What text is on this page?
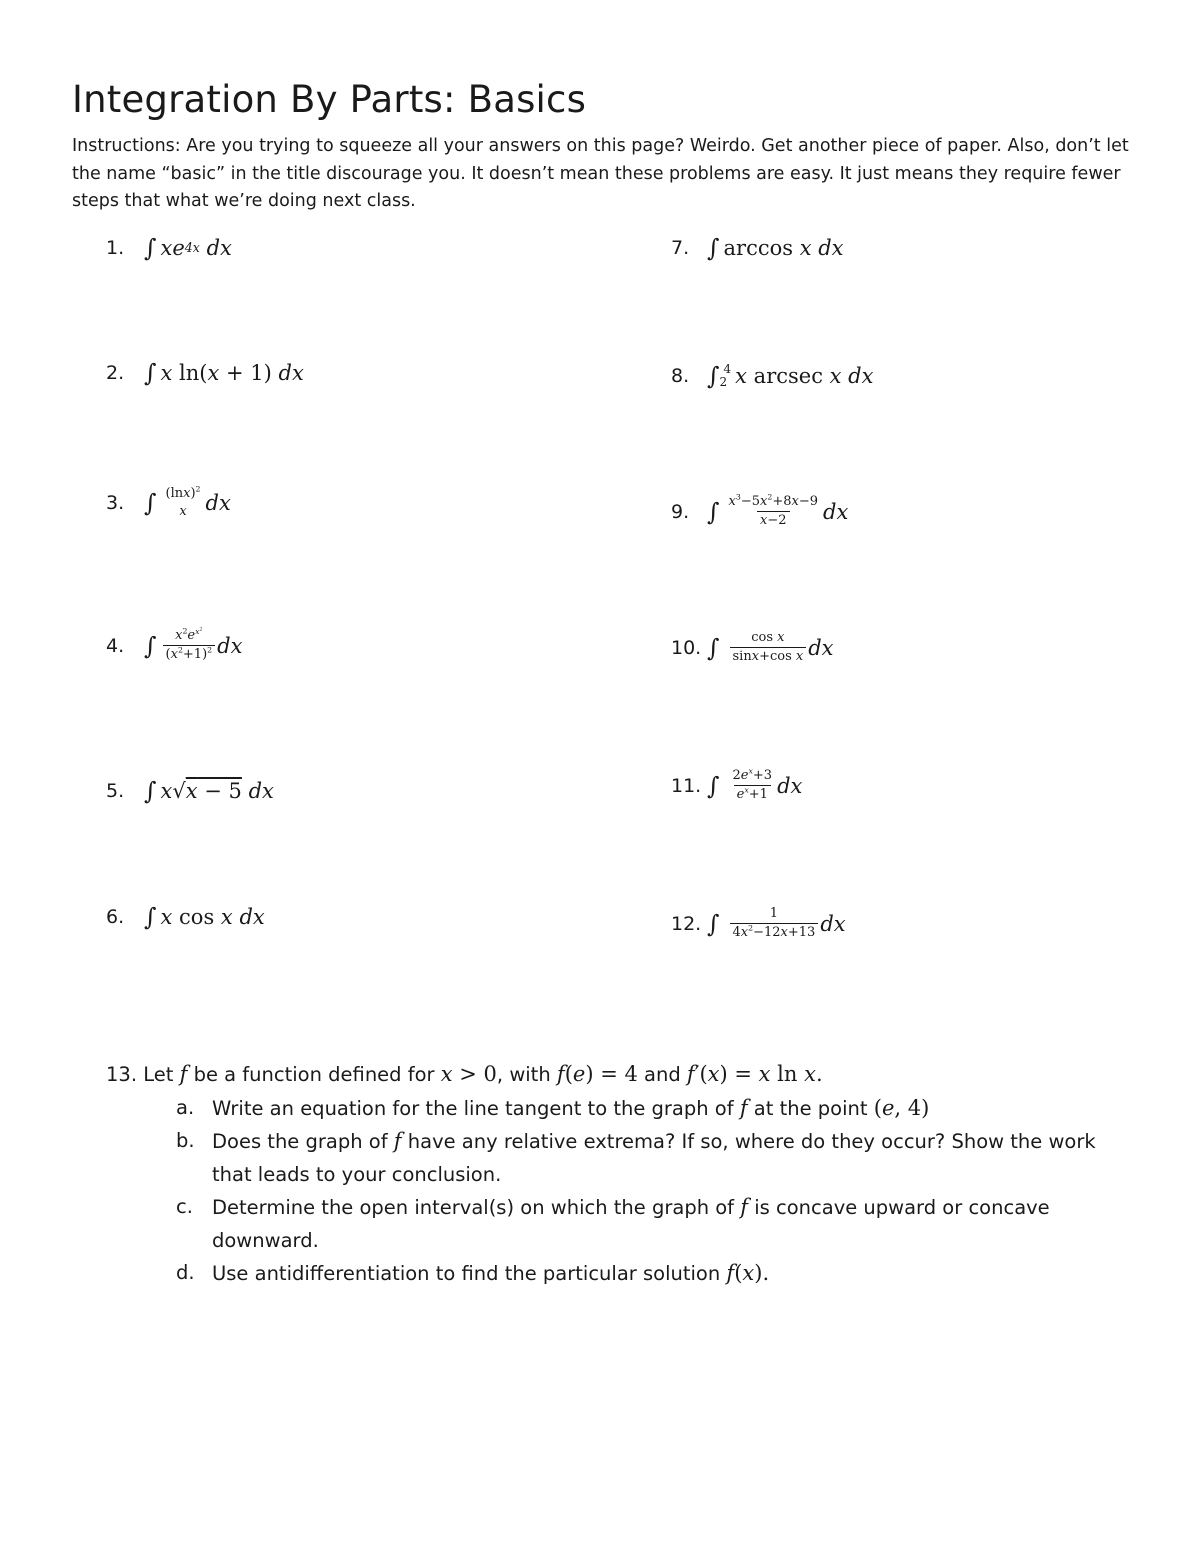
Integration By Parts: Basics

Instructions: Are you trying to squeeze all your answers on this page? Weirdo. Get another piece of paper. Also, don’t let the name “basic” in the title discourage you. It doesn’t mean these problems are easy. It just means they require fewer steps that what we’re doing next class.

1. ∫ xe 4x
dx
2. ∫ x ln( x + 1) dx
3. ∫ $(\ln x)^2$
x dx
4. ∫ $\frac{x^2e^{x^2}}{(x^2+1)^2}$ dx
5. ∫ x √ x − 5
dx
6. ∫ x cos x
dx
7. ∫ arccos x
dx
8. ∫ 4
2 x arcsec x
dx
9. ∫ $\frac{x^3-5x^2+8x-9}{x-2}$ dx
10. ∫ $\frac{\text{cos x}}{\text{sinx+cos x}}$ dx
11. ∫ $\frac{2e^x+3}{e^x+1}$ dx
12. ∫ $\frac{1}{4x^2-12x+13}$ dx
13. Let f be a function defined for x > 0, with f(e) = 4 and f′(x) = x ln x.
a. Write an equation for the line tangent to the graph of f at the point (e, 4)
b. Does the graph of f have any relative extrema? If so, where do they occur? Show the work that leads to your conclusion.
c. Determine the open interval(s) on which the graph of f is concave upward or concave downward.
d. Use antidifferentiation to find the particular solution f(x).
